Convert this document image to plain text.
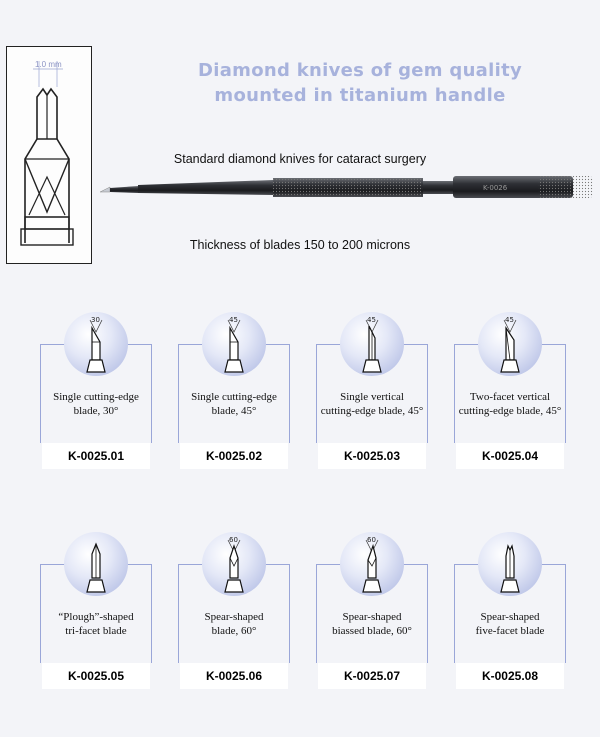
1.0 mm	Diamond knives of gem quality
mounted in titanium handle
Standard diamond knives for cataract surgery
K-0026
Thickness of blades 150 to 200 microns
30
Single cutting-edge
blade, 30°
K-0025.01
45
Single cutting-edge
blade, 45°
K-0025.02
45
Single vertical
cutting-edge blade, 45°
K-0025.03
45
Two-facet vertical
cutting-edge blade, 45°
K-0025.04
“Plough”-shaped
tri-facet blade
K-0025.05
60
Spear-shaped
blade, 60°
K-0025.06
60
Spear-shaped
biassed blade, 60°
K-0025.07
Spear-shaped
five-facet blade
K-0025.08
